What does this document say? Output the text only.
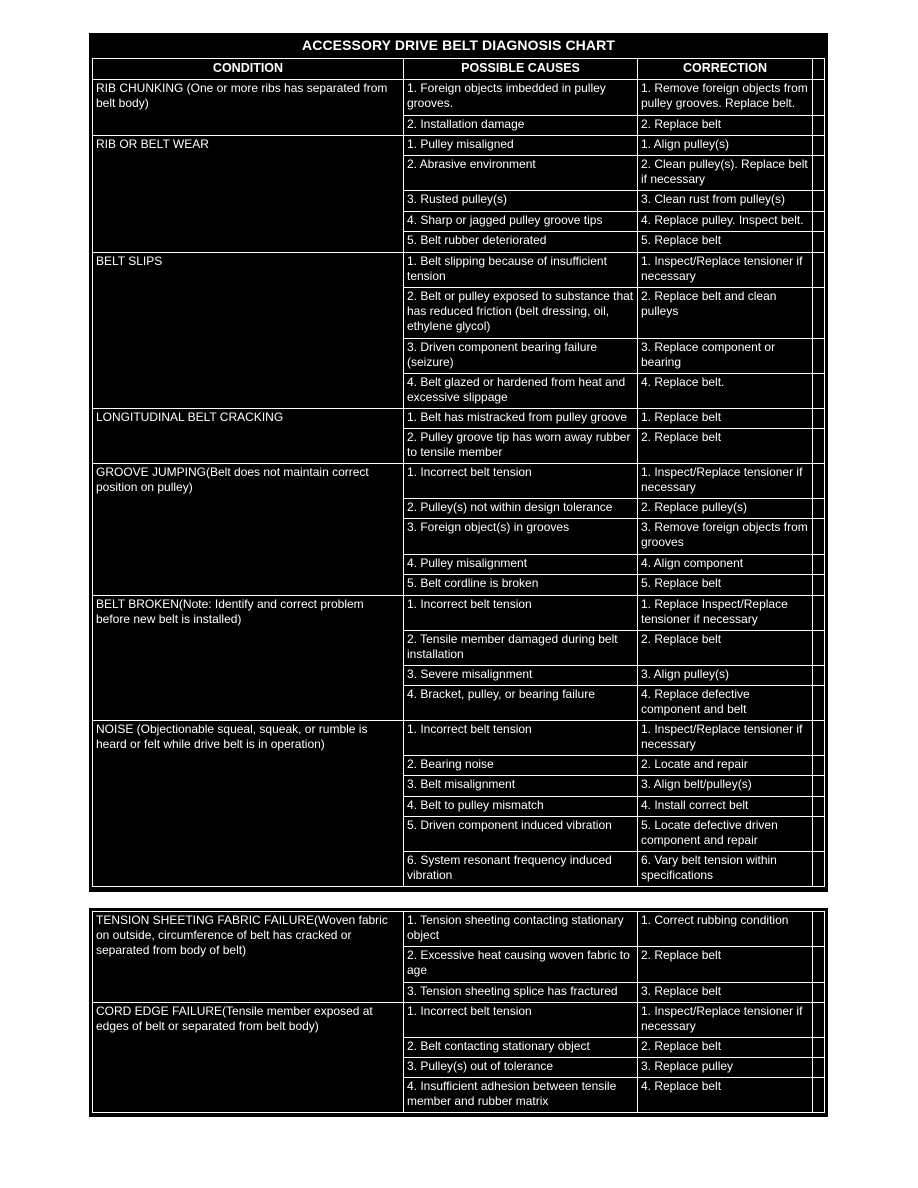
ACCESSORY DRIVE BELT DIAGNOSIS CHART
CONDITION	POSSIBLE CAUSES	CORRECTION	
RIB CHUNKING (One or more ribs has separated from belt body)	1. Foreign objects imbedded in pulley grooves.	1. Remove foreign objects from pulley grooves. Replace belt.	
	2. Installation damage	2. Replace belt	
RIB OR BELT WEAR	1. Pulley misaligned	1. Align pulley(s)	
	2. Abrasive environment	2. Clean pulley(s). Replace belt if necessary	
	3. Rusted pulley(s)	3. Clean rust from pulley(s)	
	4. Sharp or jagged pulley groove tips	4. Replace pulley. Inspect belt.	
	5. Belt rubber deteriorated	5. Replace belt	
BELT SLIPS	1. Belt slipping because of insufficient tension	1. Inspect/Replace tensioner if necessary	
	2. Belt or pulley exposed to substance that has reduced friction (belt dressing, oil, ethylene glycol)	2. Replace belt and clean pulleys	
	3. Driven component bearing failure (seizure)	3. Replace component or bearing	
	4. Belt glazed or hardened from heat and excessive slippage	4. Replace belt.	
LONGITUDINAL BELT CRACKING	1. Belt has mistracked from pulley groove	1. Replace belt	
	2. Pulley groove tip has worn away rubber to tensile member	2. Replace belt	
GROOVE JUMPING(Belt does not maintain correct position on pulley)	1. Incorrect belt tension	1. Inspect/Replace tensioner if necessary	
	2. Pulley(s) not within design tolerance	2. Replace pulley(s)	
	3. Foreign object(s) in grooves	3. Remove foreign objects from grooves	
	4. Pulley misalignment	4. Align component	
	5. Belt cordline is broken	5. Replace belt	
BELT BROKEN(Note: Identify and correct problem before new belt is installed)	1. Incorrect belt tension	1. Replace Inspect/Replace tensioner if necessary	
	2. Tensile member damaged during belt installation	2. Replace belt	
	3. Severe misalignment	3. Align pulley(s)	
	4. Bracket, pulley, or bearing failure	4. Replace defective component and belt	
NOISE (Objectionable squeal, squeak, or rumble is heard or felt while drive belt is in operation)	1. Incorrect belt tension	1. Inspect/Replace tensioner if necessary	
	2. Bearing noise	2. Locate and repair	
	3. Belt misalignment	3. Align belt/pulley(s)	
	4. Belt to pulley mismatch	4. Install correct belt	
	5. Driven component induced vibration	5. Locate defective driven component and repair	
	6. System resonant frequency induced vibration	6. Vary belt tension within specifications	
TENSION SHEETING FABRIC FAILURE(Woven fabric on outside, circumference of belt has cracked or separated from body of belt)	1. Tension sheeting contacting stationary object	1. Correct rubbing condition	
	2. Excessive heat causing woven fabric to age	2. Replace belt	
	3. Tension sheeting splice has fractured	3. Replace belt	
CORD EDGE FAILURE(Tensile member exposed at edges of belt or separated from belt body)	1. Incorrect belt tension	1. Inspect/Replace tensioner if necessary	
	2. Belt contacting stationary object	2. Replace belt	
	3. Pulley(s) out of tolerance	3. Replace pulley	
	4. Insufficient adhesion between tensile member and rubber matrix	4. Replace belt	
